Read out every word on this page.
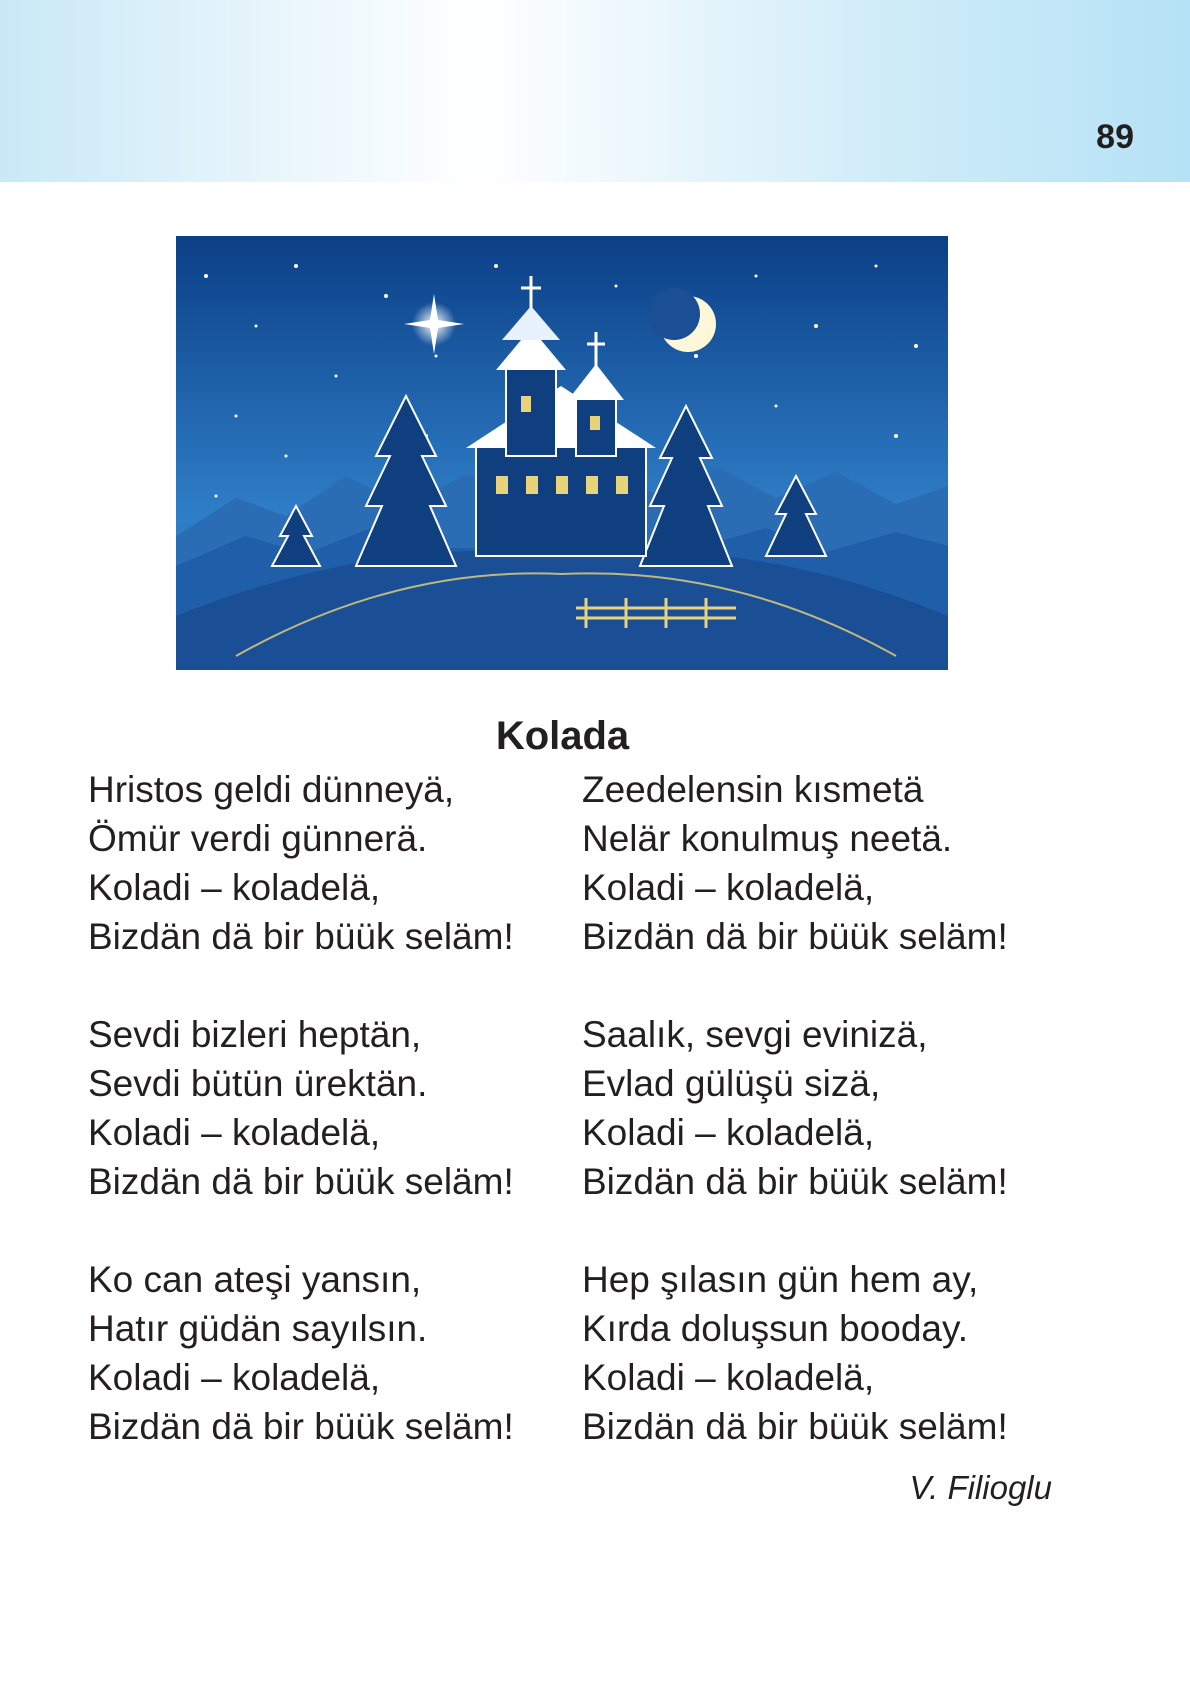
89
Kolada
Hristos geldi dünneyä,
Ömür verdi günnerä.
Koladi – koladelä,
Bizdän dä bir büük seläm!
Sevdi bizleri heptän,
Sevdi bütün ürektän.
Koladi – koladelä,
Bizdän dä bir büük seläm!
Ko can ateşi yansın,
Hatır güdän sayılsın.
Koladi – koladelä,
Bizdän dä bir büük seläm!
Zeedelensin kısmetä
Nelär konulmuş neetä.
Koladi – koladelä,
Bizdän dä bir büük seläm!
Saalık, sevgi evinizä,
Evlad gülüşü sizä,
Koladi – koladelä,
Bizdän dä bir büük seläm!
Hep şılasın gün hem ay,
Kırda doluşsun booday.
Koladi – koladelä,
Bizdän dä bir büük seläm!
V. Filioglu
